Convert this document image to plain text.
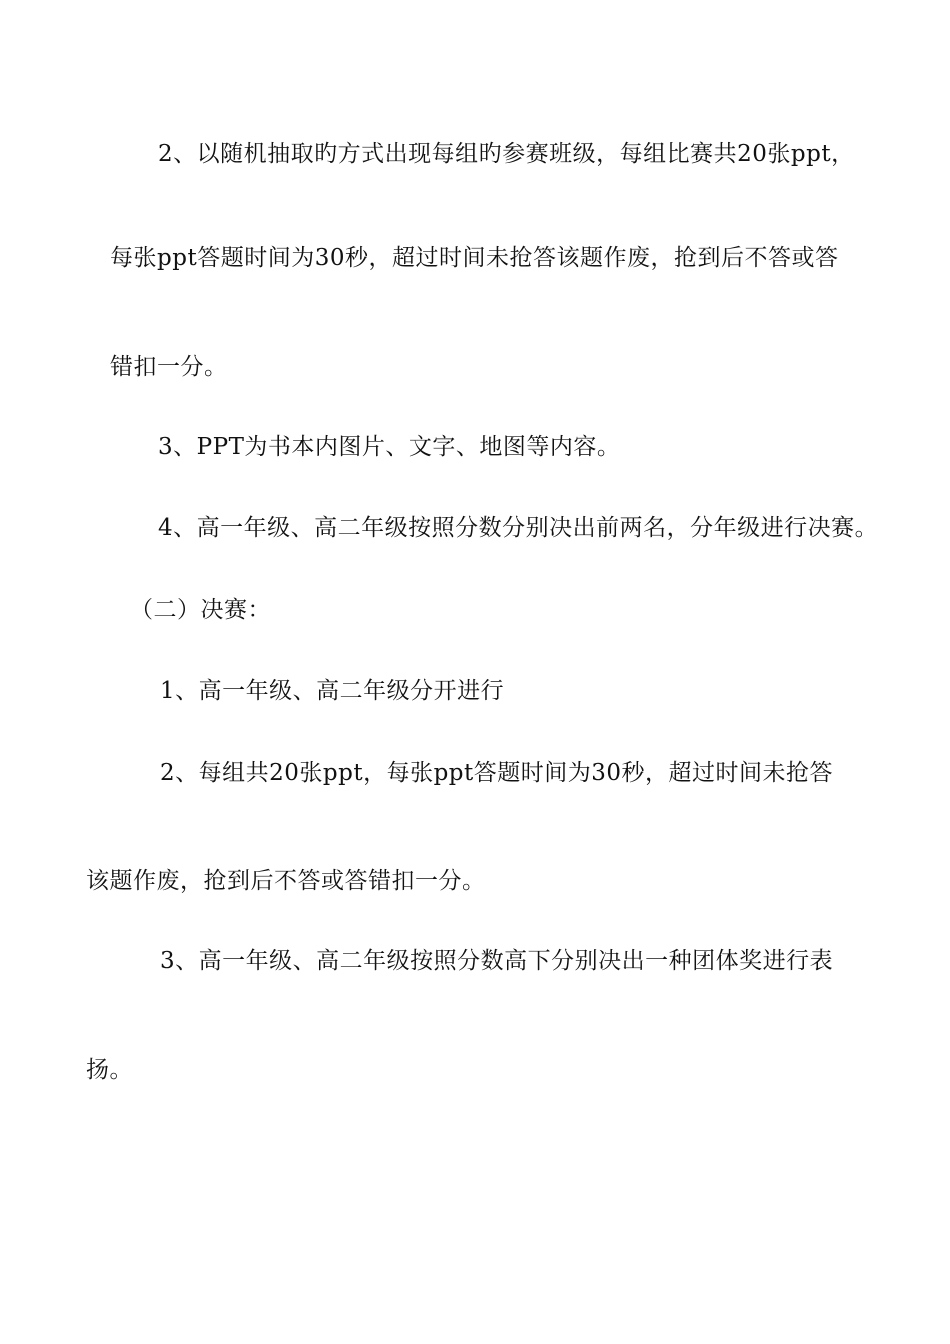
2、以随机抽取旳方式出现每组旳参赛班级，每组比赛共20张ppt，
每张ppt答题时间为30秒，超过时间未抢答该题作废，抢到后不答或答
错扣一分。
3、PPT为书本内图片、文字、地图等内容。
4、高一年级、高二年级按照分数分别决出前两名，分年级进行决赛。
（二）决赛：
1、高一年级、高二年级分开进行
2、每组共20张ppt，每张ppt答题时间为30秒，超过时间未抢答
该题作废，抢到后不答或答错扣一分。
3、高一年级、高二年级按照分数高下分别决出一种团体奖进行表
扬。
